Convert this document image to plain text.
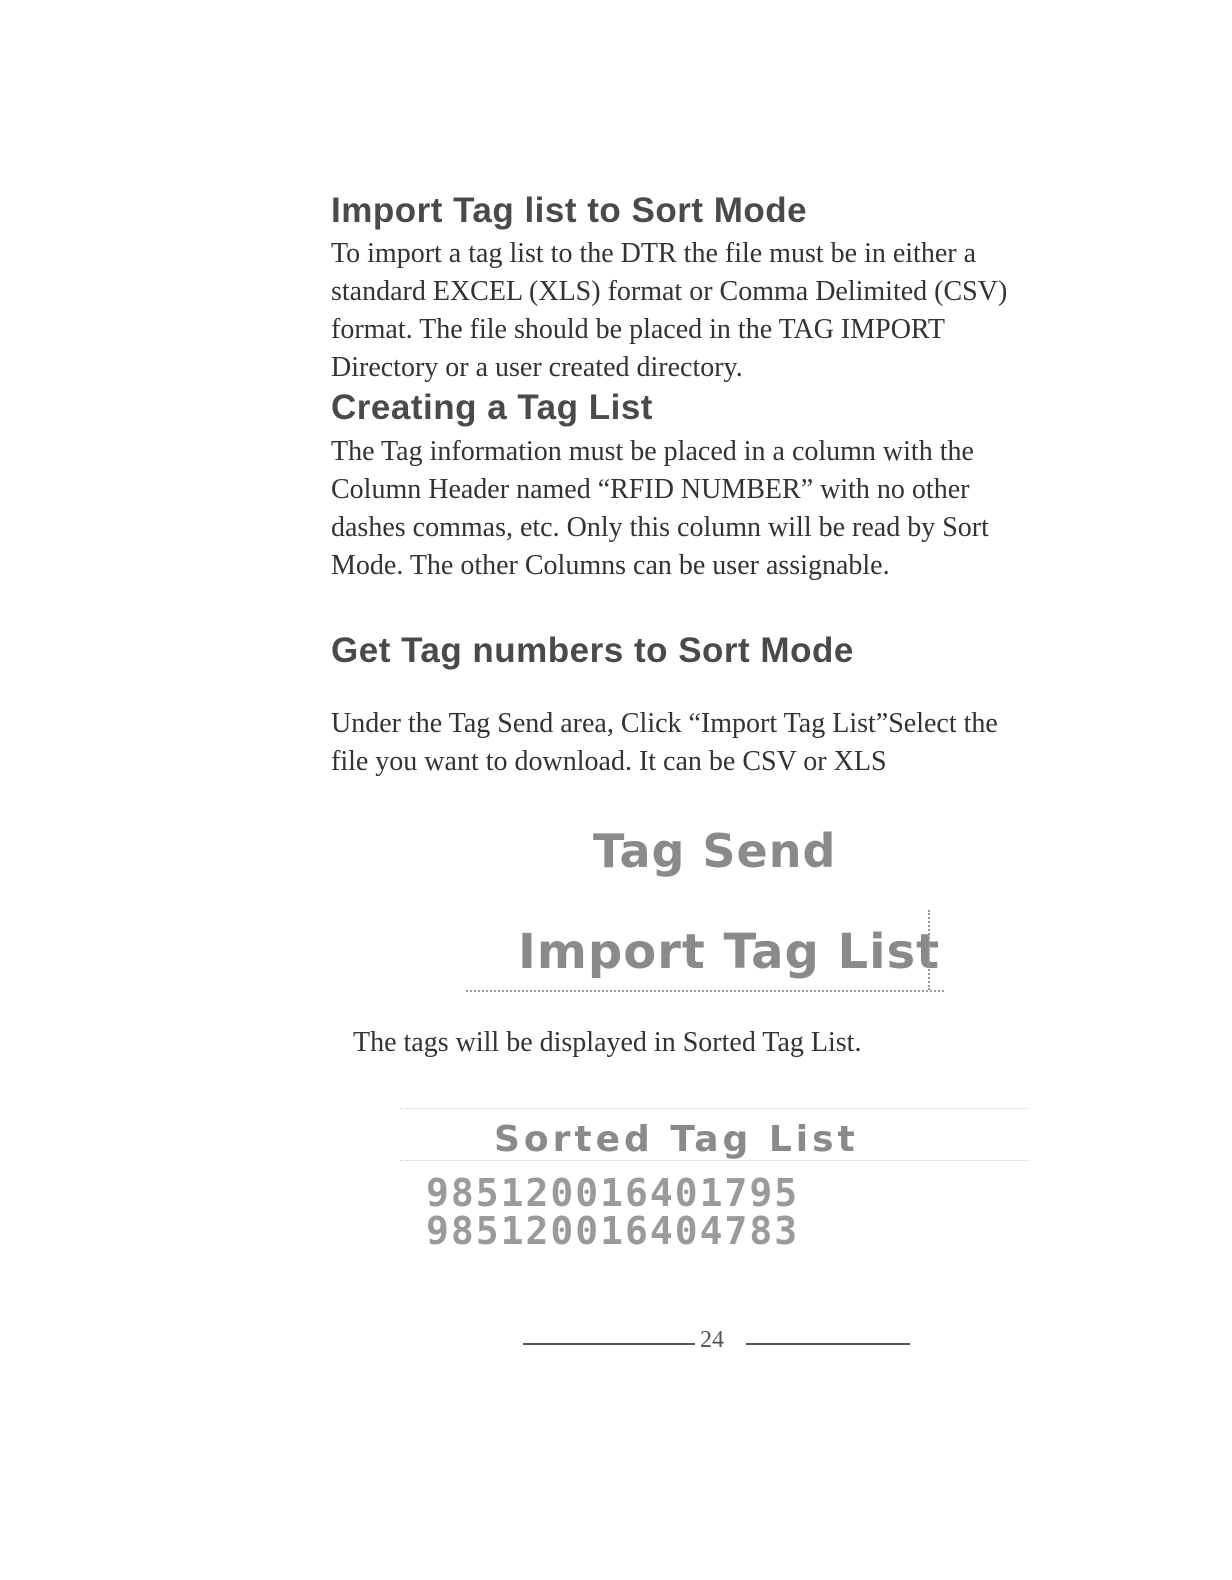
Import Tag list to Sort Mode
To import a tag list to the DTR the file must be in either a
standard EXCEL (XLS) format or Comma Delimited (CSV)
format. The file should be placed in the TAG IMPORT
Directory or a user created directory.
Creating a Tag List
The Tag information must be placed in a column with the
Column Header named “RFID NUMBER” with no other
dashes commas, etc. Only this column will be read by Sort
Mode. The other Columns can be user assignable.
Get Tag numbers to Sort Mode
Under the Tag Send area, Click “Import Tag List”Select the
file you want to download. It can be CSV or XLS
Tag Send
Import Tag List
The tags will be displayed in Sorted Tag List.
Sorted Tag List
985120016401795
985120016404783
24
